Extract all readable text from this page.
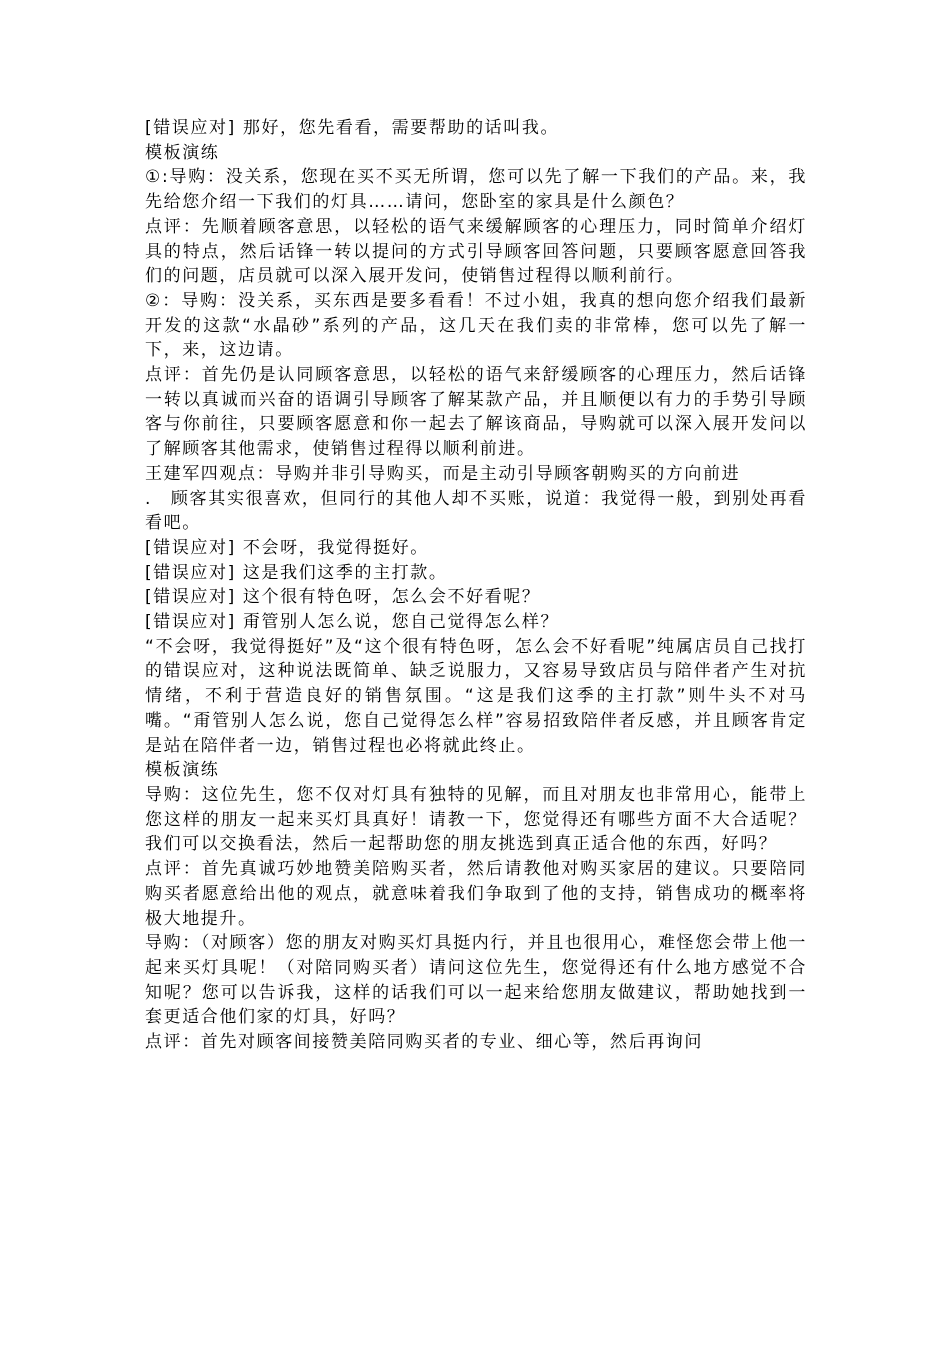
[错误应对] 那好，您先看看，需要帮助的话叫我。

模板演练

①:导购：没关系，您现在买不买无所谓，您可以先了解一下我们的产品。来，我先给您介绍一下我们的灯具……请问，您卧室的家具是什么颜色？

点评：先顺着顾客意思，以轻松的语气来缓解顾客的心理压力，同时简单介绍灯具的特点，然后话锋一转以提问的方式引导顾客回答问题，只要顾客愿意回答我们的问题，店员就可以深入展开发问，使销售过程得以顺利前行。

②：导购：没关系，买东西是要多看看！不过小姐，我真的想向您介绍我们最新开发的这款“水晶砂”系列的产品，这几天在我们卖的非常棒，您可以先了解一下，来，这边请。

点评：首先仍是认同顾客意思，以轻松的语气来舒缓顾客的心理压力，然后话锋一转以真诚而兴奋的语调引导顾客了解某款产品，并且顺便以有力的手势引导顾客与你前往，只要顾客愿意和你一起去了解该商品，导购就可以深入展开发问以了解顾客其他需求，使销售过程得以顺利前进。

王建军四观点：导购并非引导购买，而是主动引导顾客朝购买的方向前进

.　顾客其实很喜欢，但同行的其他人却不买账，说道：我觉得一般，到别处再看看吧。

[错误应对] 不会呀，我觉得挺好。

[错误应对] 这是我们这季的主打款。

[错误应对] 这个很有特色呀，怎么会不好看呢？

[错误应对] 甭管别人怎么说，您自己觉得怎么样？

“不会呀，我觉得挺好”及“这个很有特色呀，怎么会不好看呢”纯属店员自己找打的错误应对，这种说法既简单、缺乏说服力，又容易导致店员与陪伴者产生对抗情绪，不利于营造良好的销售氛围。“这是我们这季的主打款”则牛头不对马嘴。“甭管别人怎么说，您自己觉得怎么样”容易招致陪伴者反感，并且顾客肯定是站在陪伴者一边，销售过程也必将就此终止。

模板演练

导购：这位先生，您不仅对灯具有独特的见解，而且对朋友也非常用心，能带上您这样的朋友一起来买灯具真好！请教一下，您觉得还有哪些方面不大合适呢？我们可以交换看法，然后一起帮助您的朋友挑选到真正适合他的东西，好吗？

点评：首先真诚巧妙地赞美陪购买者，然后请教他对购买家居的建议。只要陪同购买者愿意给出他的观点，就意味着我们争取到了他的支持，销售成功的概率将极大地提升。

导购：（对顾客）您的朋友对购买灯具挺内行，并且也很用心，难怪您会带上他一起来买灯具呢！（对陪同购买者）请问这位先生，您觉得还有什么地方感觉不合知呢？您可以告诉我，这样的话我们可以一起来给您朋友做建议，帮助她找到一套更适合他们家的灯具，好吗？

点评：首先对顾客间接赞美陪同购买者的专业、细心等，然后再询问
